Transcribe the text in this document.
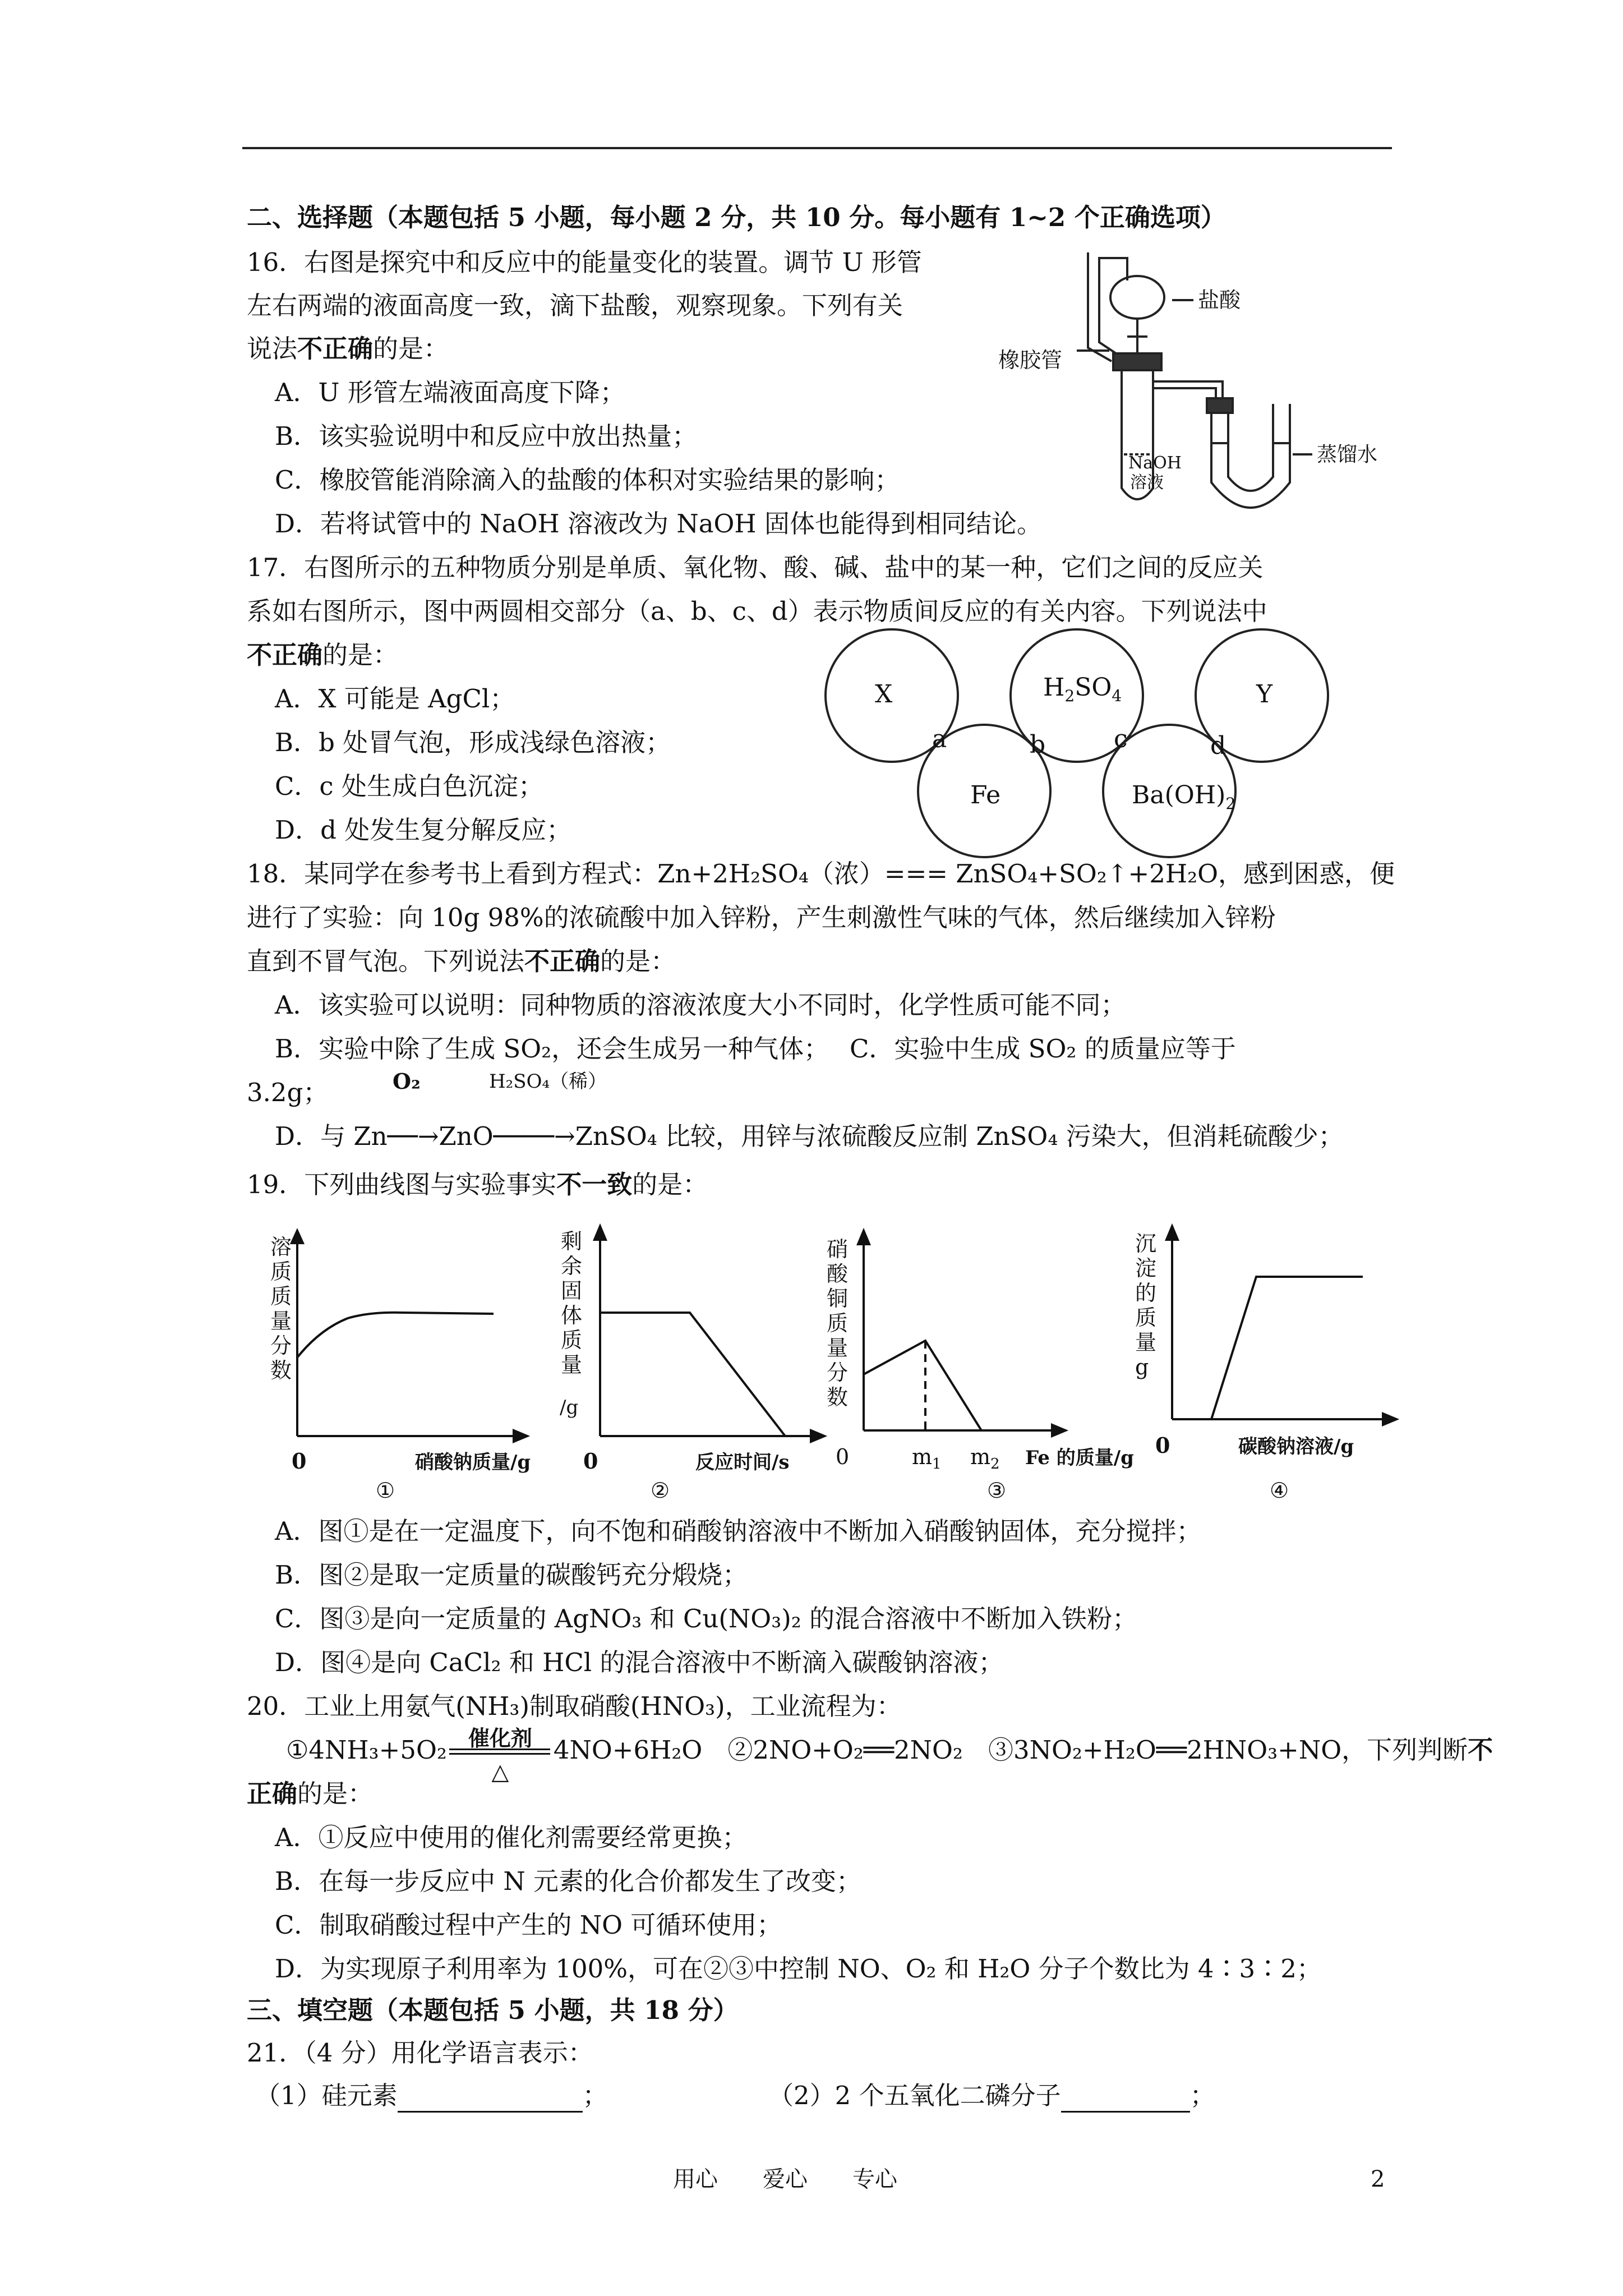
二、选择题（本题包括 5 小题，每小题 2 分，共 10 分。每小题有 1~2 个正确选项）
16．右图是探究中和反应中的能量变化的装置。调节 U 形管
左右两端的液面高度一致，滴下盐酸，观察现象。下列有关
说法不正确的是：
A．U 形管左端液面高度下降；
B．该实验说明中和反应中放出热量；
C．橡胶管能消除滴入的盐酸的体积对实验结果的影响；
D．若将试管中的 NaOH 溶液改为 NaOH 固体也能得到相同结论。
盐酸
橡胶管
NaOH
溶液
蒸馏水
17．右图所示的五种物质分别是单质、氧化物、酸、碱、盐中的某一种，它们之间的反应关
系如右图所示，图中两圆相交部分（a、b、c、d）表示物质间反应的有关内容。下列说法中
不正确的是：
A．X 可能是 AgCl；
B．b 处冒气泡，形成浅绿色溶液；
C．c 处生成白色沉淀；
D．d 处发生复分解反应；
X	$H_2SO_4$	Y
a	b	c	d
Fe	$Ba(OH)_2$
18．某同学在参考书上看到方程式：Zn+2H₂SO₄（浓）=== ZnSO₄+SO₂↑+2H₂O，感到困惑，便
进行了实验：向 10g 98%的浓硫酸中加入锌粉，产生刺激性气味的气体，然后继续加入锌粉
直到不冒气泡。下列说法不正确的是：
A．该实验可以说明：同种物质的溶液浓度大小不同时，化学性质可能不同；
B．实验中除了生成 SO₂，还会生成另一种气体；　 C．实验中生成 SO₂ 的质量应等于
3.2g；	O₂	H₂SO₄（稀）
D．与 Zn──→ZnO────→ZnSO₄ 比较，用锌与浓硫酸反应制 ZnSO₄ 污染大，但消耗硫酸少；
19．下列曲线图与实验事实不一致的是：
溶
质
质
量
分
数
0	硝酸钠质量/g
①
剩
余
固
体
质
量
/g
0	反应时间/s
②
硝
酸
铜
质
量
分
数
0	$m_1$ $m_2$ Fe 的质量/g
③
沉
淀
的
质
量
g
0	碳酸钠溶液/g
④
A．图①是在一定温度下，向不饱和硝酸钠溶液中不断加入硝酸钠固体，充分搅拌；
B．图②是取一定质量的碳酸钙充分煅烧；
C．图③是向一定质量的 AgNO₃ 和 Cu(NO₃)₂ 的混合溶液中不断加入铁粉；
D．图④是向 CaCl₂ 和 HCl 的混合溶液中不断滴入碳酸钠溶液；
20．工业上用氨气(NH₃)制取硝酸(HNO₃)，工业流程为：
①4NH₃+5O₂ 催化剂
△
4NO+6H₂O　②2NO+O₂══2NO₂　③3NO₂+H₂O══2HNO₃+NO，下列判断不
正确的是：
A．①反应中使用的催化剂需要经常更换；
B．在每一步反应中 N 元素的化合价都发生了改变；
C．制取硝酸过程中产生的 NO 可循环使用；
D．为实现原子利用率为 100%，可在②③中控制 NO、O₂ 和 H₂O 分子个数比为 4∶3∶2；
三、填空题（本题包括 5 小题，共 18 分）
21．（4 分）用化学语言表示：
（1）硅元素	；	（2）2 个五氧化二磷分子	；
用心　　爱心　　专心	2
